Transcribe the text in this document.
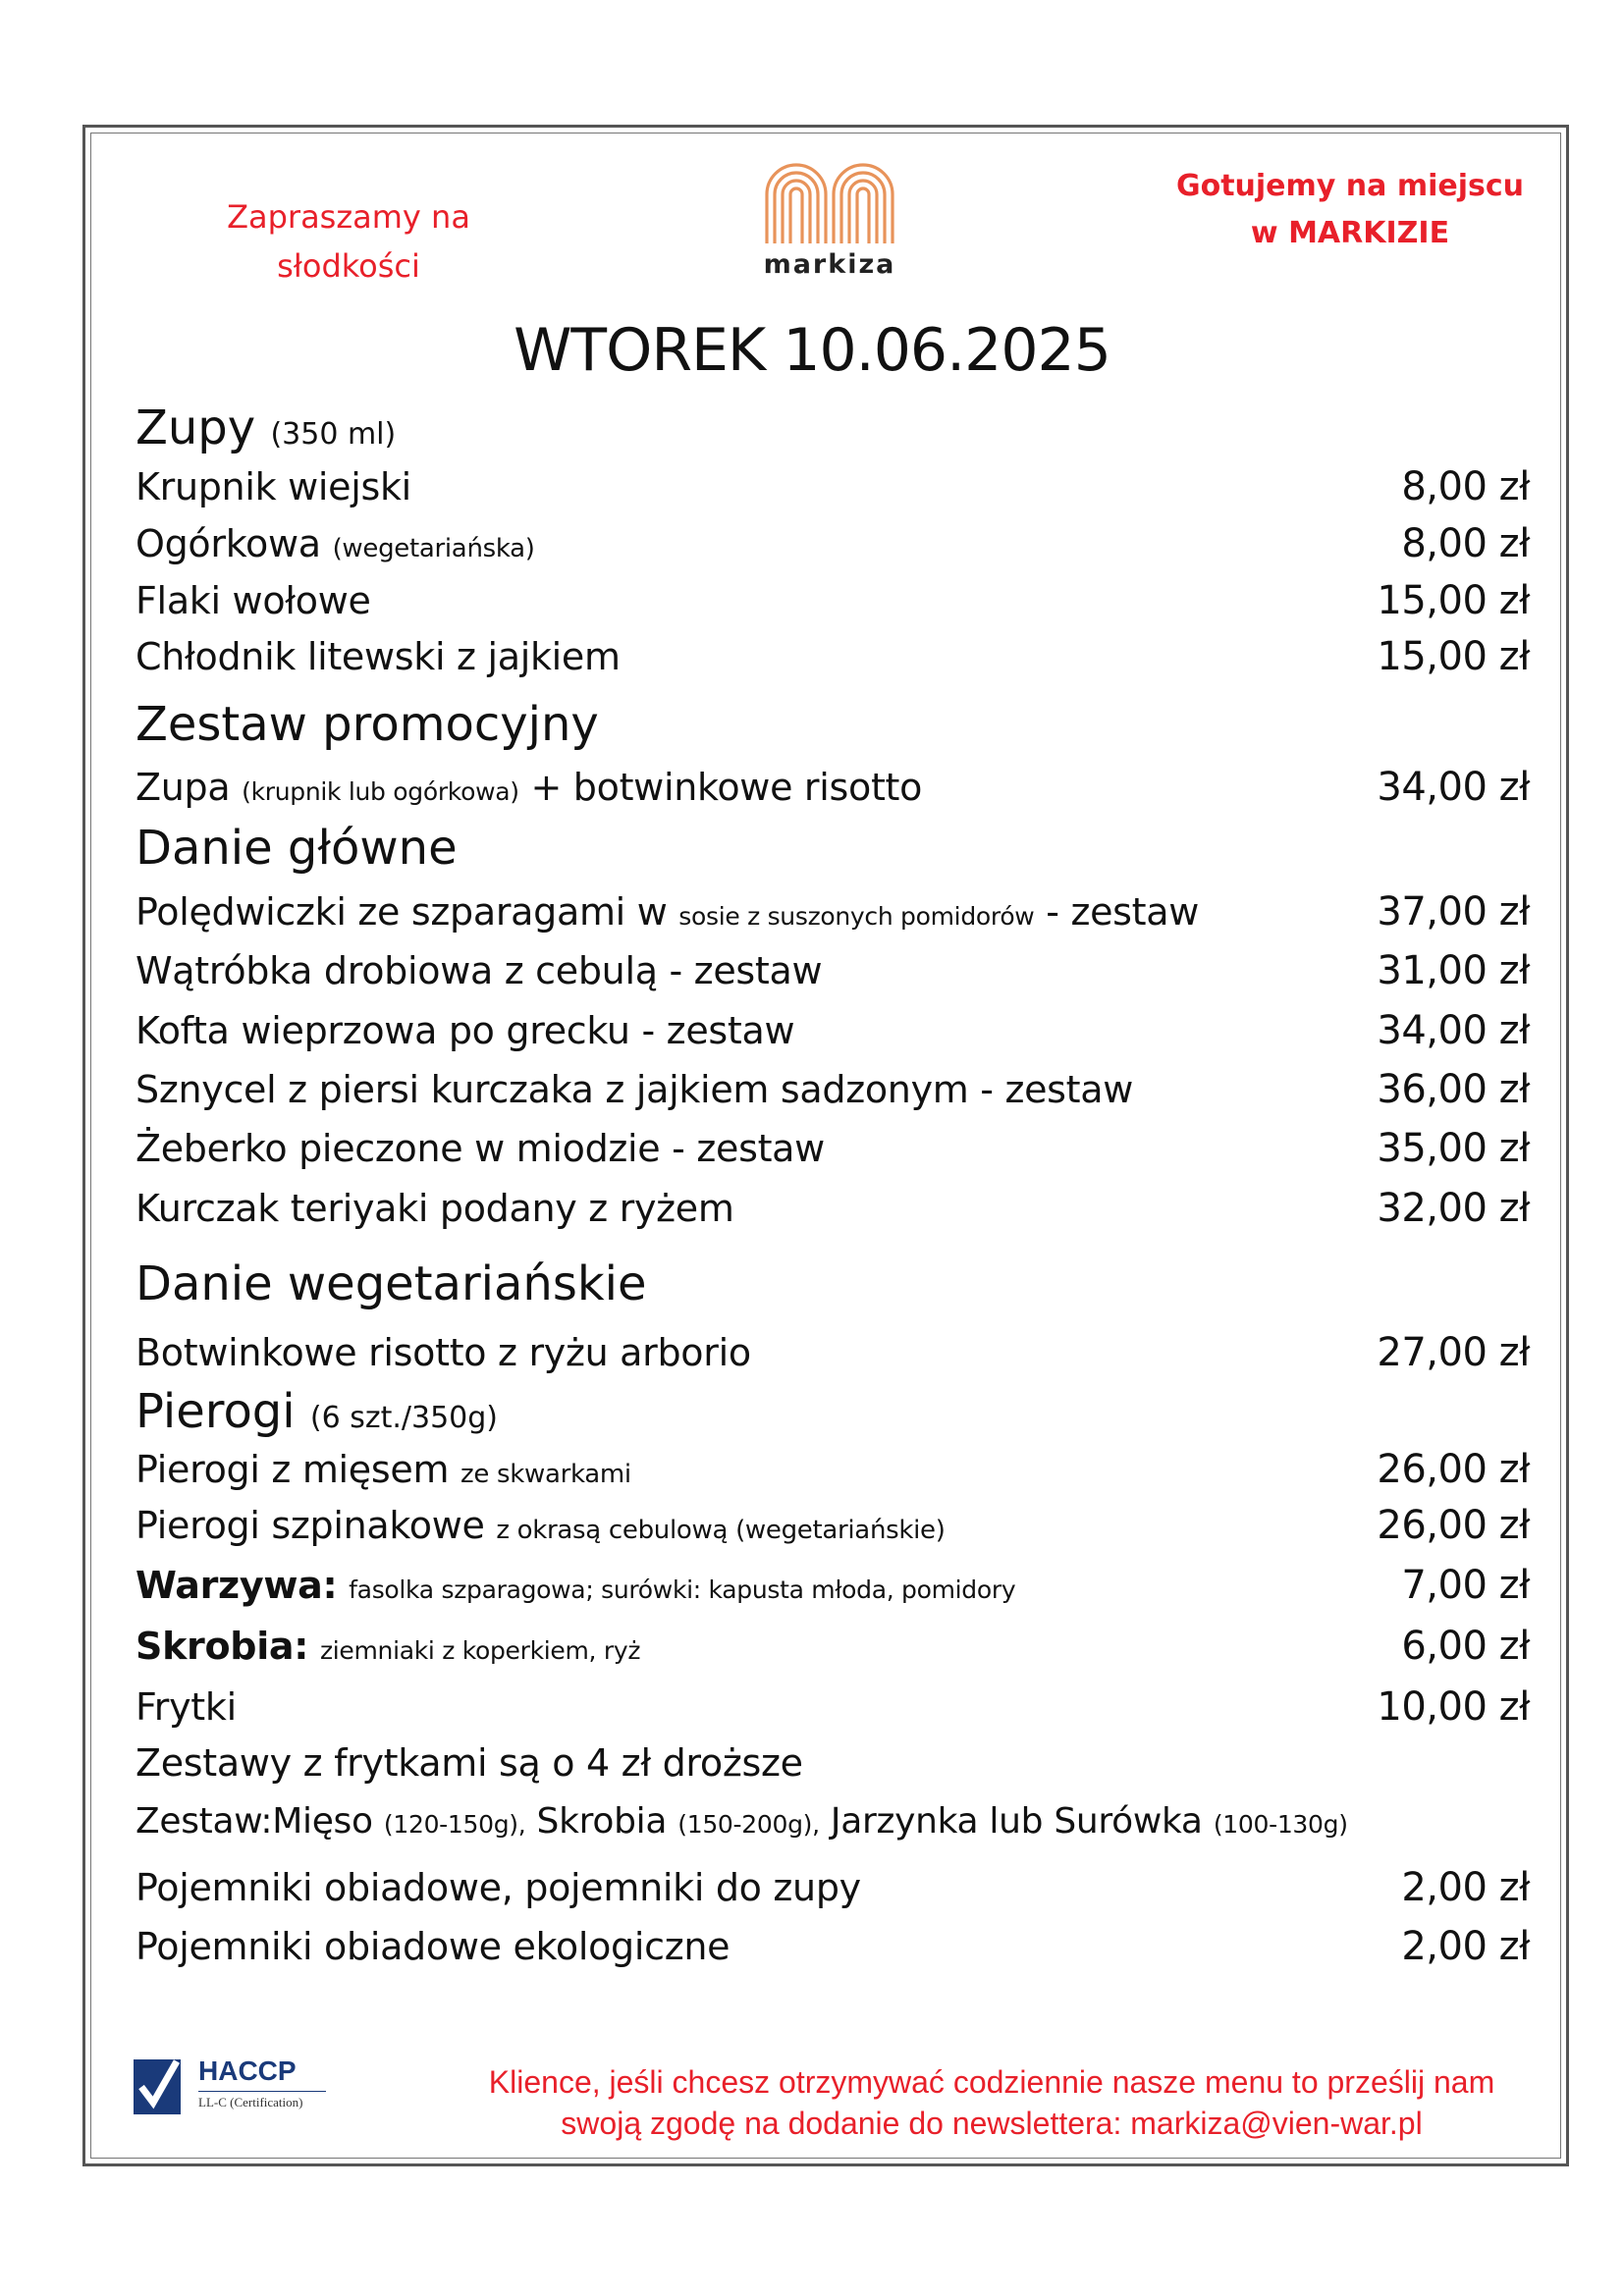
Zapraszamy na
słodkości	markiza
Gotujemy na miejscu
w MARKIZIE
WTOREK 10.06.2025
Zupy (350 ml)
Krupnik wiejski	8,00 zł
Ogórkowa (wegetariańska)	8,00 zł
Flaki wołowe	15,00 zł
Chłodnik litewski z jajkiem	15,00 zł
Zestaw promocyjny
Zupa (krupnik lub ogórkowa) + botwinkowe risotto	34,00 zł
Danie główne
Polędwiczki ze szparagami w sosie z suszonych pomidorów - zestaw	37,00 zł
Wątróbka drobiowa z cebulą - zestaw	31,00 zł
Kofta wieprzowa po grecku - zestaw	34,00 zł
Sznycel z piersi kurczaka z jajkiem sadzonym - zestaw	36,00 zł
Żeberko pieczone w miodzie - zestaw	35,00 zł
Kurczak teriyaki podany z ryżem	32,00 zł
Danie wegetariańskie
Botwinkowe risotto z ryżu arborio	27,00 zł
Pierogi (6 szt./350g)
Pierogi z mięsem ze skwarkami	26,00 zł
Pierogi szpinakowe z okrasą cebulową (wegetariańskie)	26,00 zł
Warzywa: fasolka szparagowa; surówki: kapusta młoda, pomidory	7,00 zł
Skrobia: ziemniaki z koperkiem, ryż	6,00 zł
Frytki	10,00 zł
Zestawy z frytkami są o 4 zł droższe
Zestaw:Mięso (120-150g), Skrobia (150-200g), Jarzynka lub Surówka (100-130g)
Pojemniki obiadowe, pojemniki do zupy	2,00 zł
Pojemniki obiadowe ekologiczne	2,00 zł
HACCP
LL-C (Certification)
Klience, jeśli chcesz otrzymywać codziennie nasze menu to prześlij nam
swoją zgodę na dodanie do newslettera: markiza@vien-war.pl
